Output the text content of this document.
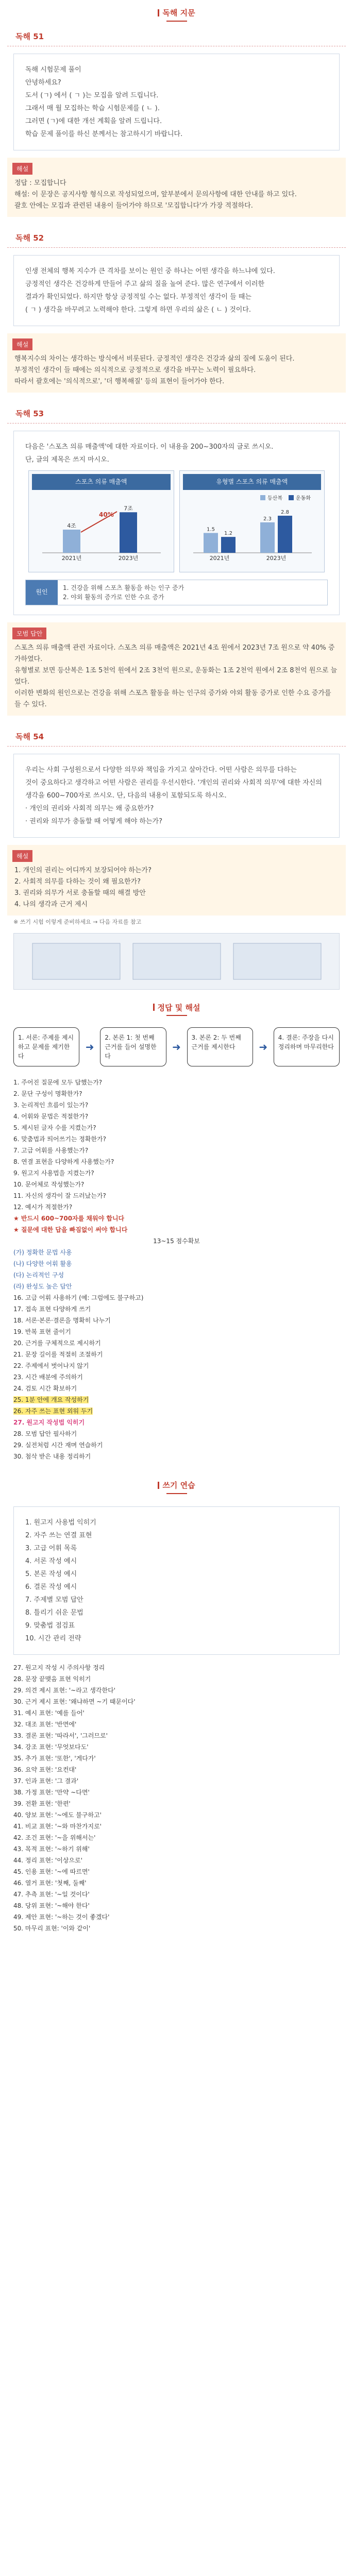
독해 지문
독해 51
독해 시험문제 풀이
안녕하세요?
도서 (ㄱ) 에서 ( ㄱ )는 모집을 알려 드립니다.
그래서 매 월 모집하는 학습 시험문제를 ( ㄴ ).
그러면 (ㄱ)에 대한 개선 계획을 알려 드립니다.
학습 문제 풀이를 하신 분께서는 참고하시기 바랍니다.
해설
정답 : 모집합니다
해설: 이 문장은 공지사항 형식으로 작성되었으며, 앞부분에서 문의사항에 대한 안내를 하고 있다.
괄호 안에는 모집과 관련된 내용이 들어가야 하므로 '모집합니다'가 가장 적절하다.
독해 52
인생 전체의 행복 지수가 큰 격차를 보이는 원인 중 하나는 어떤 생각을 하느냐에 있다.
긍정적인 생각은 건강하게 만들어 주고 삶의 질을 높여 준다. 많은 연구에서 이러한
결과가 확인되었다. 하지만 항상 긍정적일 수는 없다. 부정적인 생각이 들 때는
( ㄱ ) 생각을 바꾸려고 노력해야 한다. 그렇게 하면 우리의 삶은 ( ㄴ ) 것이다.
해설
행복지수의 차이는 생각하는 방식에서 비롯된다. 긍정적인 생각은 건강과 삶의 질에 도움이 된다.
부정적인 생각이 들 때에는 의식적으로 긍정적으로 생각을 바꾸는 노력이 필요하다.
따라서 괄호에는 '의식적으로', '더 행복해질' 등의 표현이 들어가야 한다.
독해 53
다음은 '스포츠 의류 매출액'에 대한 자료이다. 이 내용을 200~300자의 글로 쓰시오.
단, 글의 제목은 쓰지 마시오.
스포츠 의류 매출액
4조
2021년
7조
2023년
40%
유형별 스포츠 의류 매출액
1.5
1.2
2021년
2.3
2.8
2023년
등산복	운동화
원인
1. 건강을 위해 스포츠 활동을 하는 인구 증가
2. 야외 활동의 증가로 인한 수요 증가
모범 답안
스포츠 의류 매출액 관련 자료이다. 스포츠 의류 매출액은 2021년 4조 원에서 2023년 7조 원으로 약 40% 증가하였다.
유형별로 보면 등산복은 1조 5천억 원에서 2조 3천억 원으로, 운동화는 1조 2천억 원에서 2조 8천억 원으로 늘었다.
이러한 변화의 원인으로는 건강을 위해 스포츠 활동을 하는 인구의 증가와 야외 활동 증가로 인한 수요 증가를 들 수 있다.
독해 54
우리는 사회 구성원으로서 다양한 의무와 책임을 가지고 살아간다. 어떤 사람은 의무를 다하는
것이 중요하다고 생각하고 어떤 사람은 권리를 우선시한다. '개인의 권리와 사회적 의무'에 대한 자신의
생각을 600~700자로 쓰시오. 단, 다음의 내용이 포함되도록 하시오.
· 개인의 권리와 사회적 의무는 왜 중요한가?
· 권리와 의무가 충돌할 때 어떻게 해야 하는가?
해설
1. 개인의 권리는 어디까지 보장되어야 하는가?
2. 사회적 의무를 다하는 것이 왜 필요한가?
3. 권리와 의무가 서로 충돌할 때의 해결 방안
4. 나의 생각과 근거 제시
※ 쓰기 시험 이렇게 준비하세요 → 다음 자료를 참고
정답 및 해설
1. 서론: 주제를 제시하고 문제를 제기한다
➜
2. 본론 1: 첫 번째 근거를 들어 설명한다
➜
3. 본론 2: 두 번째 근거를 제시한다	➜
4. 결론: 주장을 다시 정리하며 마무리한다
1. 주어진 질문에 모두 답했는가?
2. 문단 구성이 명확한가?
3. 논리적인 흐름이 있는가?
4. 어휘와 문법은 적절한가?
5. 제시된 글자 수를 지켰는가?
6. 맞춤법과 띄어쓰기는 정확한가?
7. 고급 어휘를 사용했는가?
8. 연결 표현을 다양하게 사용했는가?
9. 원고지 사용법을 지켰는가?
10. 문어체로 작성했는가?
11. 자신의 생각이 잘 드러났는가?
12. 예시가 적절한가?
★ 반드시 600~700자를 채워야 합니다
★ 질문에 대한 답을 빠짐없이 써야 합니다
13~15 점수확보
(가) 정확한 문법 사용
(나) 다양한 어휘 활용
(다) 논리적인 구성
(라) 완성도 높은 답안
16. 고급 어휘 사용하기 (예: 그럼에도 불구하고)
17. 접속 표현 다양하게 쓰기
18. 서론·본론·결론을 명확히 나누기
19. 반복 표현 줄이기
20. 근거를 구체적으로 제시하기
21. 문장 길이를 적절히 조절하기
22. 주제에서 벗어나지 않기
23. 시간 배분에 주의하기
24. 검토 시간 확보하기
25. 1분 안에 개요 작성하기
26. 자주 쓰는 표현 외워 두기
27. 원고지 작성법 익히기
28. 모범 답안 필사하기
29. 실전처럼 시간 재며 연습하기
30. 첨삭 받은 내용 정리하기
쓰기 연습
1. 원고지 사용법 익히기
2. 자주 쓰는 연결 표현
3. 고급 어휘 목록
4. 서론 작성 예시
5. 본론 작성 예시
6. 결론 작성 예시
7. 주제별 모범 답안
8. 틀리기 쉬운 문법
9. 맞춤법 점검표
10. 시간 관리 전략
27. 원고지 작성 시 주의사항 정리
28. 문장 끝맺음 표현 익히기
29. 의견 제시 표현: '~라고 생각한다'
30. 근거 제시 표현: '왜냐하면 ~기 때문이다'
31. 예시 표현: '예를 들어'
32. 대조 표현: '반면에'
33. 결론 표현: '따라서', '그러므로'
34. 강조 표현: '무엇보다도'
35. 추가 표현: '또한', '게다가'
36. 요약 표현: '요컨대'
37. 인과 표현: '그 결과'
38. 가정 표현: '만약 ~다면'
39. 전환 표현: '한편'
40. 양보 표현: '~에도 불구하고'
41. 비교 표현: '~와 마찬가지로'
42. 조건 표현: '~을 위해서는'
43. 목적 표현: '~하기 위해'
44. 정리 표현: '이상으로'
45. 인용 표현: '~에 따르면'
46. 열거 표현: '첫째, 둘째'
47. 추측 표현: '~일 것이다'
48. 당위 표현: '~해야 한다'
49. 제안 표현: '~하는 것이 좋겠다'
50. 마무리 표현: '이와 같이'
